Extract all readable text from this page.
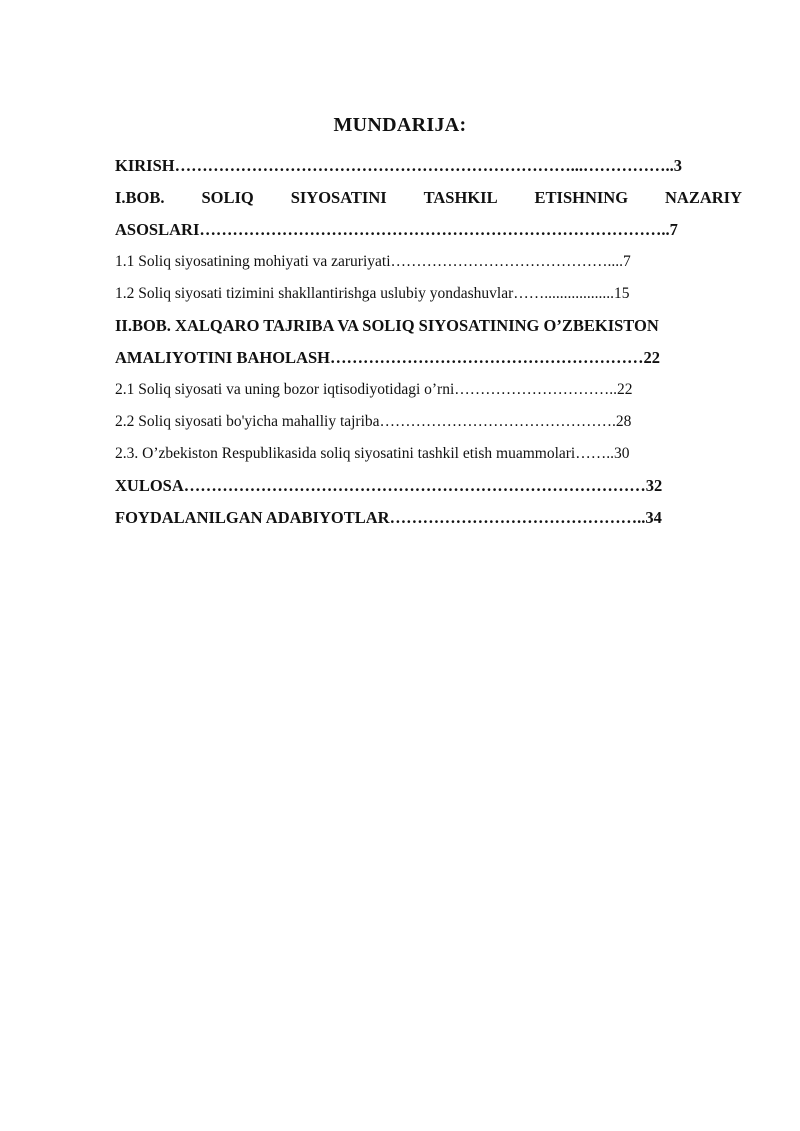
MUNDARIJA:
KIRISH………………………………………………………………...……………..3
I.BOB. SOLIQ SIYOSATINI TASHKIL ETISHNING NAZARIY
ASOSLARI…………………………………………………………………………..7
1.1 Soliq siyosatining mohiyati va zaruriyati……………………………………....7
1.2 Soliq siyosati tizimini shakllantirishga uslubiy yondashuvlar……..................15
II.BOB. XALQARO TAJRIBA VA SOLIQ SIYOSATINING O’ZBEKISTON
AMALIYOTINI BAHOLASH…………………………………………………22
2.1 Soliq siyosati va uning bozor iqtisodiyotidagi o’rni…………………………..22
2.2 Soliq siyosati bo'yicha mahalliy tajriba……………………………………….28
2.3. O’zbekiston Respublikasida soliq siyosatini tashkil etish muammolari……..30
XULOSA…………………………………………………………………………32
FOYDALANILGAN ADABIYOTLAR………………………………………..34
